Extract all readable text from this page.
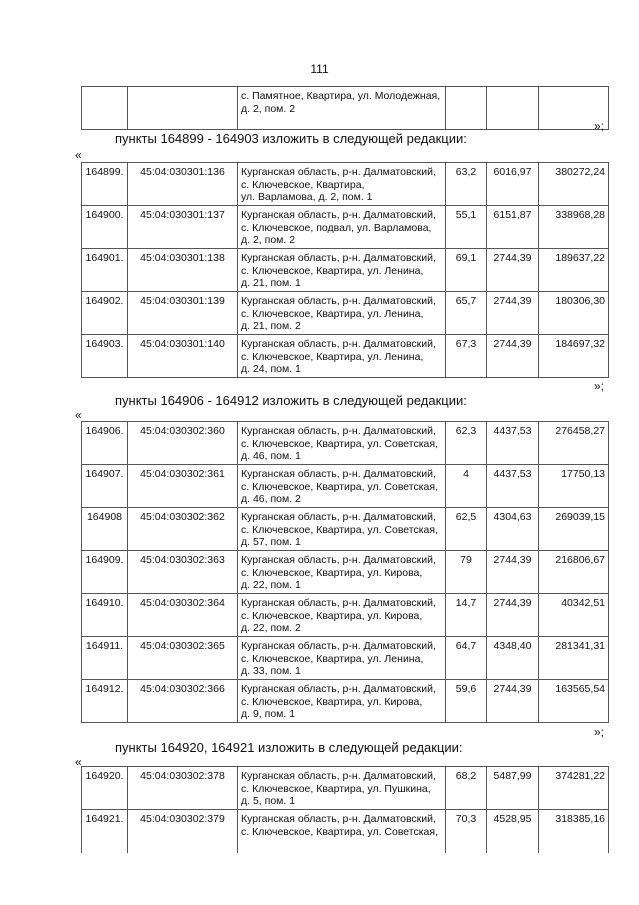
111

с. Памятное, Квартира, ул. Молодежная,
д. 2, пом. 2

»;
пункты 164899 - 164903 изложить в следующей редакции:
«
164899.	45:04:030301:136	Курганская область, р-н. Далматовский,
с. Ключевское, Квартира,
ул. Варламова, д. 2, пом. 1	63,2	6016,97	380272,24
164900.	45:04:030301:137	Курганская область, р-н. Далматовский,
с. Ключевское, подвал, ул. Варламова,
д. 2, пом. 2	55,1	6151,87	338968,28
164901.	45:04:030301:138	Курганская область, р-н. Далматовский,
с. Ключевское, Квартира, ул. Ленина,
д. 21, пом. 1	69,1	2744,39	189637,22
164902.	45:04:030301:139	Курганская область, р-н. Далматовский,
с. Ключевское, Квартира, ул. Ленина,
д. 21, пом. 2	65,7	2744,39	180306,30
164903.	45:04:030301:140	Курганская область, р-н. Далматовский,
с. Ключевское, Квартира, ул. Ленина,
д. 24, пом. 1	67,3	2744,39	184697,32
»;
пункты 164906 - 164912 изложить в следующей редакции:
«
164906.	45:04:030302:360	Курганская область, р-н. Далматовский,
с. Ключевское, Квартира, ул. Советская,
д. 46, пом. 1	62,3	4437,53	276458,27
164907.	45:04:030302:361	Курганская область, р-н. Далматовский,
с. Ключевское, Квартира, ул. Советская,
д. 46, пом. 2	4	4437,53	17750,13
164908	45:04:030302:362	Курганская область, р-н. Далматовский,
с. Ключевское, Квартира, ул. Советская,
д. 57, пом. 1	62,5	4304,63	269039,15
164909.	45:04:030302:363	Курганская область, р-н. Далматовский,
с. Ключевское, Квартира, ул. Кирова,
д. 22, пом. 1	79	2744,39	216806,67
164910.	45:04:030302:364	Курганская область, р-н. Далматовский,
с. Ключевское, Квартира, ул. Кирова,
д. 22, пом. 2	14,7	2744,39	40342,51
164911.	45:04:030302:365	Курганская область, р-н. Далматовский,
с. Ключевское, Квартира, ул. Ленина,
д. 33, пом. 1	64,7	4348,40	281341,31
164912.	45:04:030302:366	Курганская область, р-н. Далматовский,
с. Ключевское, Квартира, ул. Кирова,
д. 9, пом. 1	59,6	2744,39	163565,54
»;
пункты 164920, 164921 изложить в следующей редакции:
«
164920.	45:04:030302:378	Курганская область, р-н. Далматовский,
с. Ключевское, Квартира, ул. Пушкина,
д. 5, пом. 1	68,2	5487,99	374281,22
164921.	45:04:030302:379	Курганская область, р-н. Далматовский,
с. Ключевское, Квартира, ул. Советская,	70,3	4528,95	318385,16
